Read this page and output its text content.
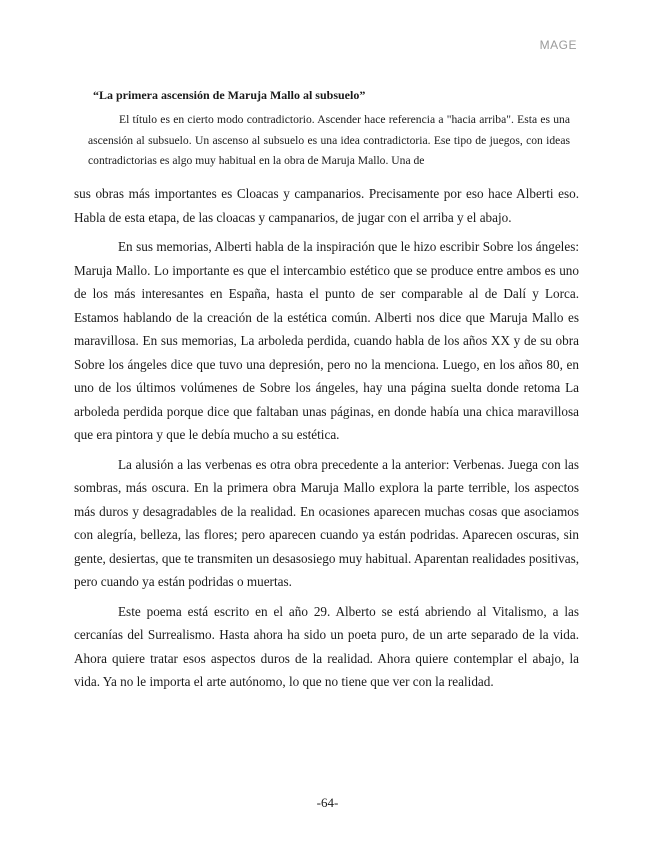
MAGE
“La primera ascensión de Maruja Mallo al subsuelo”

El título es en cierto modo contradictorio. Ascender hace referencia a "hacia arriba". Esta es una ascensión al subsuelo. Un ascenso al subsuelo es una idea contradictoria. Ese tipo de juegos, con ideas contradictorias es algo muy habitual en la obra de Maruja Mallo. Una de

sus obras más importantes es Cloacas y campanarios. Precisamente por eso hace Alberti eso. Habla de esta etapa, de las cloacas y campanarios, de jugar con el arriba y el abajo.

En sus memorias, Alberti habla de la inspiración que le hizo escribir Sobre los ángeles: Maruja Mallo. Lo importante es que el intercambio estético que se produce entre ambos es uno de los más interesantes en España, hasta el punto de ser comparable al de Dalí y Lorca. Estamos hablando de la creación de la estética común. Alberti nos dice que Maruja Mallo es maravillosa. En sus memorias, La arboleda perdida, cuando habla de los años XX y de su obra Sobre los ángeles dice que tuvo una depresión, pero no la menciona. Luego, en los años 80, en uno de los últimos volúmenes de Sobre los ángeles, hay una página suelta donde retoma La arboleda perdida porque dice que faltaban unas páginas, en donde había una chica maravillosa que era pintora y que le debía mucho a su estética.

La alusión a las verbenas es otra obra precedente a la anterior: Verbenas. Juega con las sombras, más oscura. En la primera obra Maruja Mallo explora la parte terrible, los aspectos más duros y desagradables de la realidad. En ocasiones aparecen muchas cosas que asociamos con alegría, belleza, las flores; pero aparecen cuando ya están podridas. Aparecen oscuras, sin gente, desiertas, que te transmiten un desasosiego muy habitual. Aparentan realidades positivas, pero cuando ya están podridas o muertas.

Este poema está escrito en el año 29. Alberto se está abriendo al Vitalismo, a las cercanías del Surrealismo. Hasta ahora ha sido un poeta puro, de un arte separado de la vida. Ahora quiere tratar esos aspectos duros de la realidad. Ahora quiere contemplar el abajo, la vida. Ya no le importa el arte autónomo, lo que no tiene que ver con la realidad.

-64-
